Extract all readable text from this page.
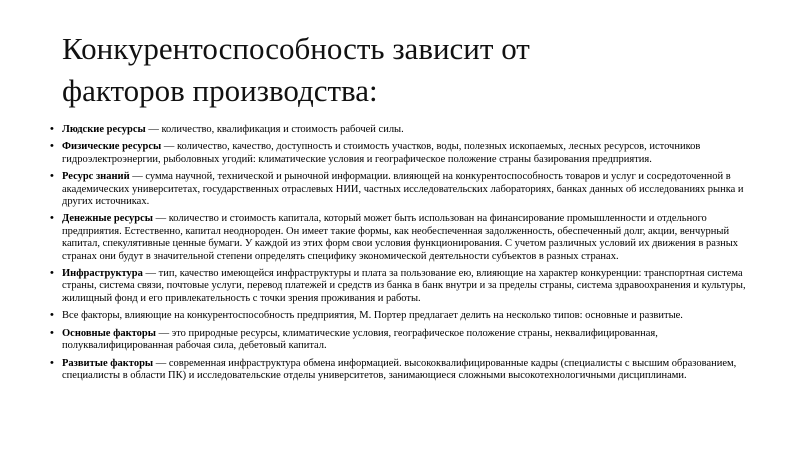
Конкурентоспособность зависит от
факторов производства:
• Людские ресурсы — количество, квалификация и стоимость рабочей силы.
• Физические ресурсы — количество, качество, доступность и стоимость участков, воды, полезных ископаемых, лесных ресурсов, источников гидроэлектроэнергии, рыболовных угодий: климатические условия и географическое положение страны базирования предприятия.
• Ресурс знаний — сумма научной, технической и рыночной информации. влияющей на конкурентоспособность товаров и услуг и сосредоточенной в академических университетах, государственных отраслевых НИИ, частных исследовательских лабораториях, банках данных об исследованиях рынка и других источниках.
• Денежные ресурсы — количество и стоимость капитала, который может быть использован на финансирование промышленности и отдельного предприятия. Естественно, капитал неоднороден. Он имеет такие формы, как необеспеченная задолженность, обеспеченный долг, акции, венчурный капитал, спекулятивные ценные бумаги. У каждой из этих форм свои условия функционирования. С учетом различных условий их движения в разных странах они будут в значительной степени определять специфику экономической деятельности субъектов в разных странах.
• Инфраструктура — тип, качество имеющейся инфраструктуры и плата за пользование ею, влияющие на характер конкуренции: транспортная система страны, система связи, почтовые услуги, перевод платежей и средств из банка в банк внутри и за пределы страны, система здравоохранения и культуры, жилищный фонд и его привлекательность с точки зрения проживания и работы.
• Все факторы, влияющие на конкурентоспособность предприятия, М. Портер предлагает делить на несколько типов: основные и развитые.
• Основные факторы — это природные ресурсы, климатические условия, географическое положение страны, неквалифицированная, полуквалифицированная рабочая сила, дебетовый капитал.
• Развитые факторы — современная инфраструктура обмена информацией. высококвалифицированные кадры (специалисты с высшим образованием, специалисты в области ПК) и исследовательские отделы университетов, занимающиеся сложными высокотехнологичными дисциплинами.
